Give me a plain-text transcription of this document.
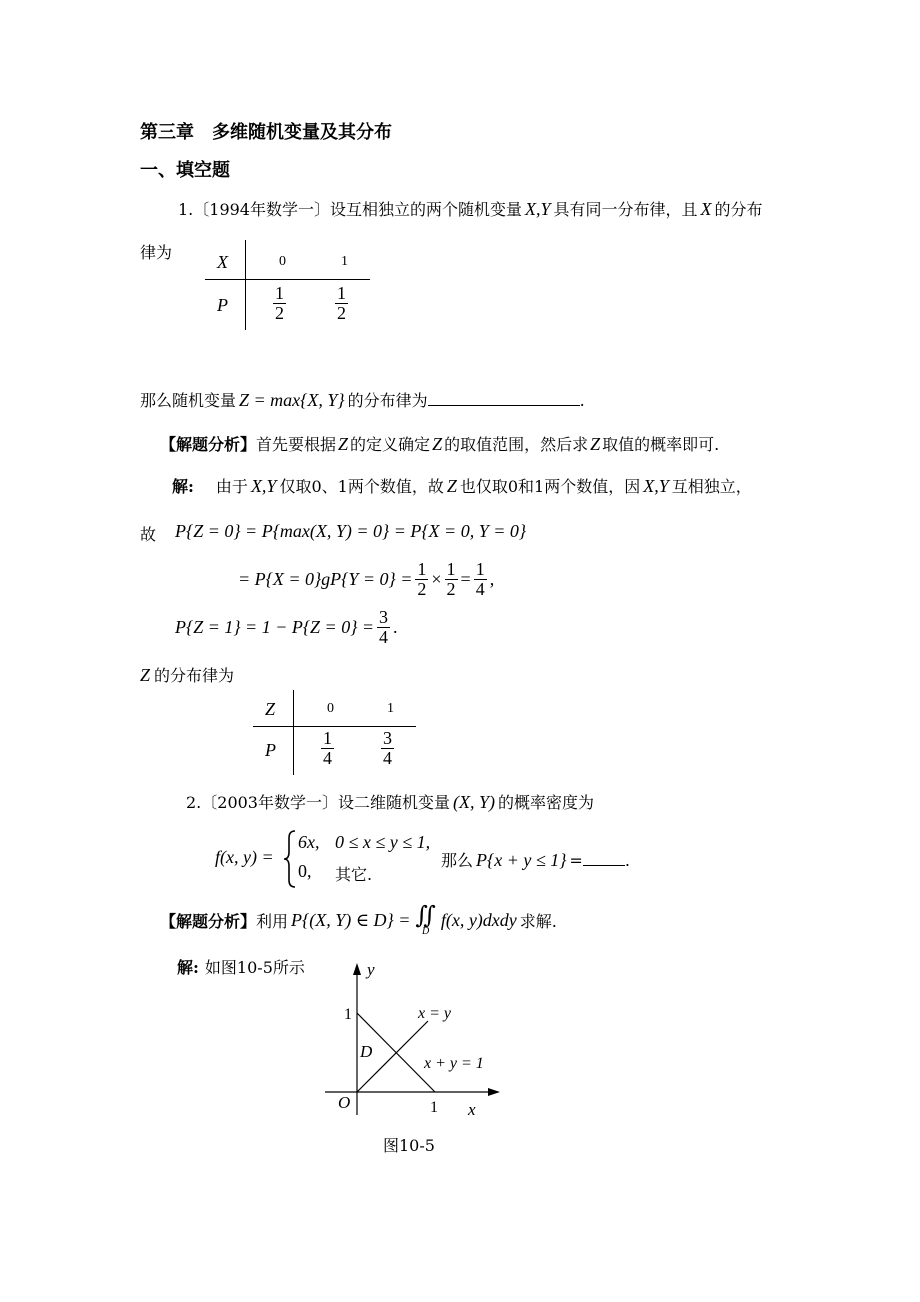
第三章　多维随机变量及其分布
一、填空题
1.〔1994年数学一〕设互相独立的两个随机变量 X,Y 具有同一分布律，且 X 的分布
律为 X	0	1
P	$\frac{1}{2}$	$\frac{1}{2}$
那么随机变量 Z = max{X, Y} 的分布律为	.
【解题分析】首先要根据 Z 的定义确定 Z 的取值范围，然后求 Z 取值的概率即可.
解: 由于 X,Y 仅取0、1两个数值，故 Z 也仅取0和1两个数值，因 X,Y 互相独立，
故 P{Z = 0} = P{max(X, Y) = 0} = P{X = 0, Y = 0}
= $P\{X = 0\}gP\{Y = 0\} = \frac{1}{2} \times \frac{1}{2} = \frac{1}{4}$ ,
$P\{Z = 1\} = 1 - P\{Z = 0\} = \frac{3}{4}$ .
Z 的分布律为
Z	0	1
P	$\frac{1}{4}$	$\frac{3}{4}$
2.〔2003年数学一〕设二维随机变量 (X, Y) 的概率密度为
f(x, y) =
6x, 0 ≤ x ≤ y ≤ 1,
0, 其它.
那么 P{x + y ≤ 1} =	.
【解题分析】 利用 P{(X, Y) ∈ D} = ∬
D
f(x, y)dxdy 求解.
解: 如图10-5所示	y
x
O	1
1
D
x = y
x + y = 1
图10-5
